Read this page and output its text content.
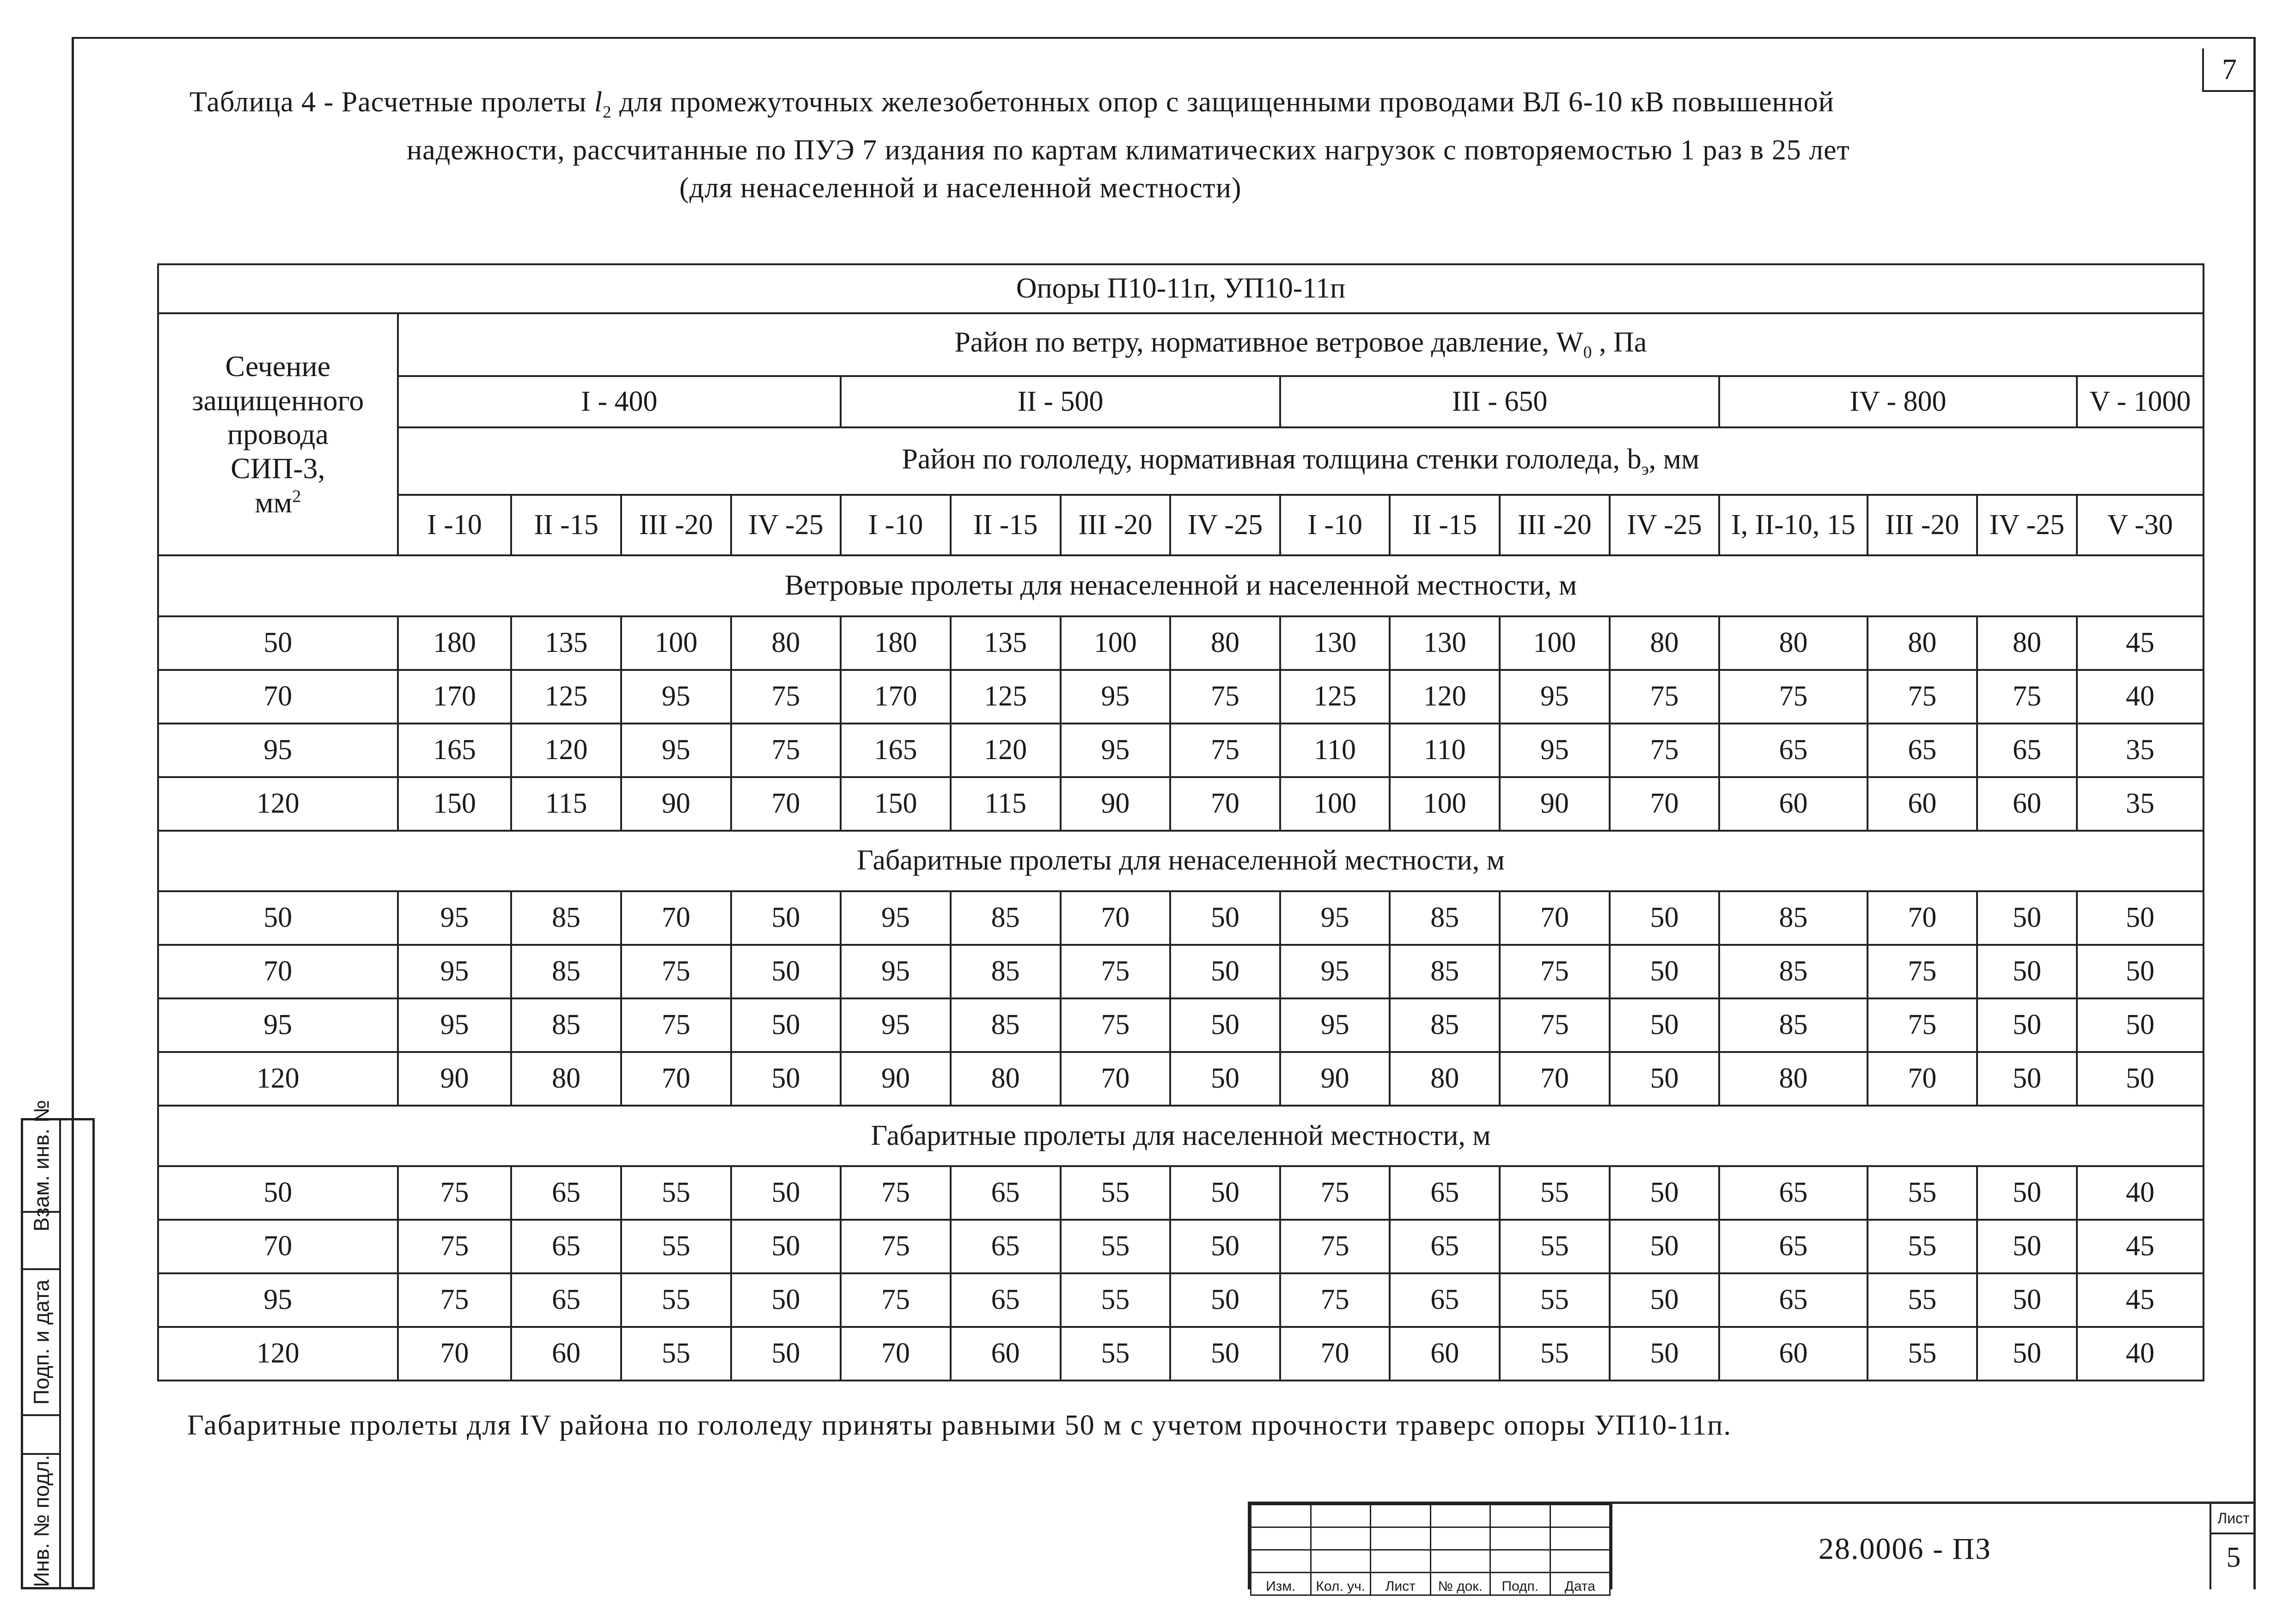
7
Таблица 4 - Расчетные пролеты $l_2$ для промежуточных железобетонных опор с защищенными проводами ВЛ 6-10 кВ повышенной
надежности, рассчитанные по ПУЭ 7 издания по картам климатических нагрузок с повторяемостью 1 раз в 25 лет
(для ненаселенной и населенной местности)
Опоры П10-11п, УП10-11п																

Сечение
защищенного
провода
СИП-3,
$мм^2$	Район по ветру, нормативное ветровое давление, $W_0$ , Па															
	I - 400				II - 500				III - 650				IV - 800			V - 1000
	Район по гололеду, нормативная толщина стенки гололеда, $b_э$, мм															
	I -10	II -15	III -20	IV -25	I -10	II -15	III -20	IV -25	I -10	II -15	III -20	IV -25	I, II-10, 15	III -20	IV -25	V -30
Ветровые пролеты для ненаселенной и населенной местности, м																
50	180	135	100	80	180	135	100	80	130	130	100	80	80	80	80	45
70	170	125	95	75	170	125	95	75	125	120	95	75	75	75	75	40
95	165	120	95	75	165	120	95	75	110	110	95	75	65	65	65	35
120	150	115	90	70	150	115	90	70	100	100	90	70	60	60	60	35
Габаритные пролеты для ненаселенной местности, м																
50	95	85	70	50	95	85	70	50	95	85	70	50	85	70	50	50
70	95	85	75	50	95	85	75	50	95	85	75	50	85	75	50	50
95	95	85	75	50	95	85	75	50	95	85	75	50	85	75	50	50
120	90	80	70	50	90	80	70	50	90	80	70	50	80	70	50	50
Габаритные пролеты для населенной местности, м																
50	75	65	55	50	75	65	55	50	75	65	55	50	65	55	50	40
70	75	65	55	50	75	65	55	50	75	65	55	50	65	55	50	45
95	75	65	55	50	75	65	55	50	75	65	55	50	65	55	50	45
120	70	60	55	50	70	60	55	50	70	60	55	50	60	55	50	40
Габаритные пролеты для IV района по гололеду приняты равными 50 м с учетом прочности траверс опоры УП10-11п.
Взам. инв. №
Подп. и дата
Инв. № подл.

						Изм.	Кол. уч.	Лист	№ док.	Подп.	Дата
28.0006 - ПЗ
Лист
5
